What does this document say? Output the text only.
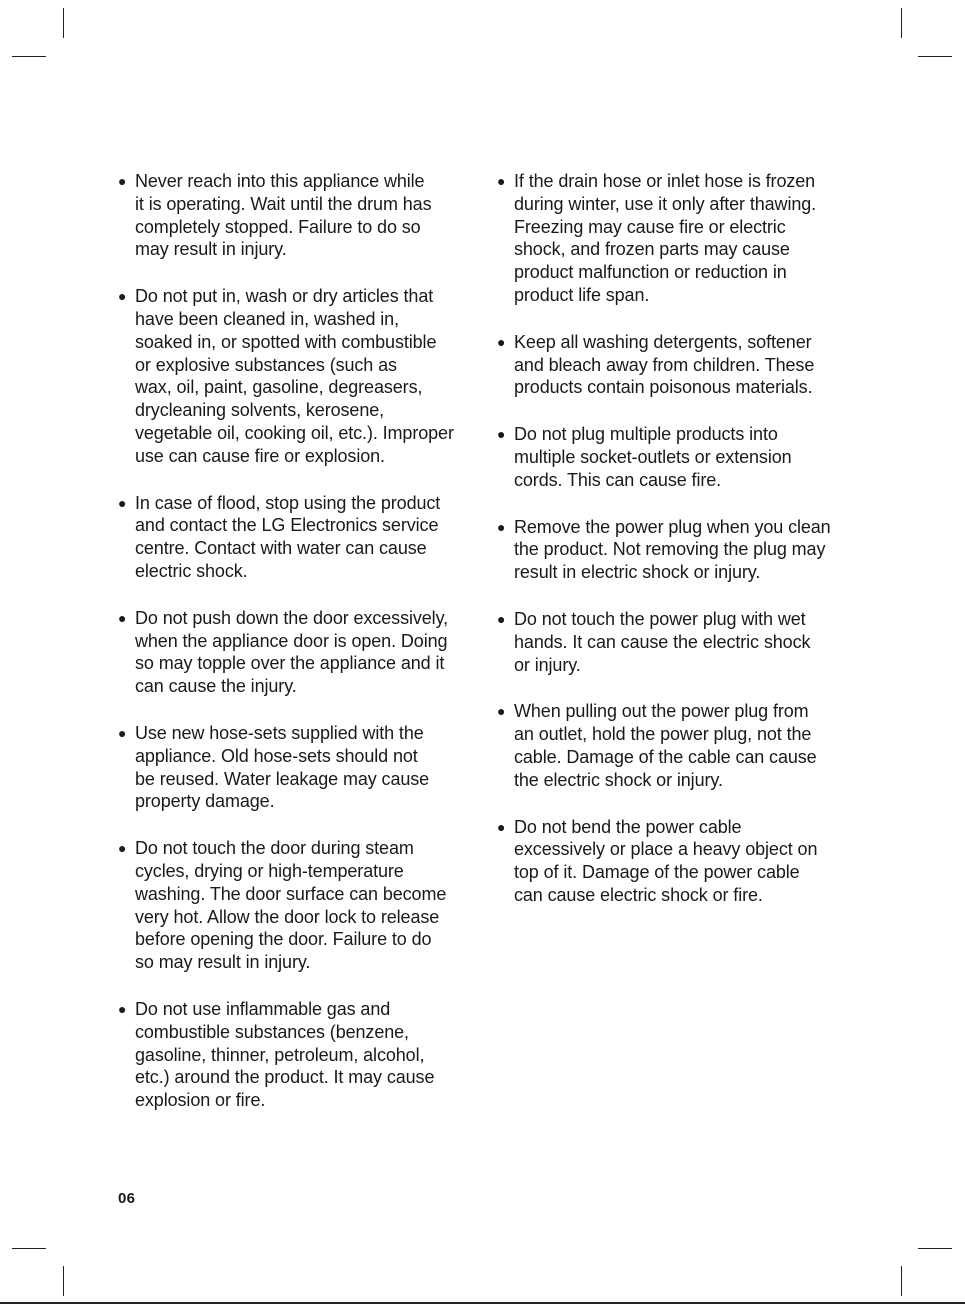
● Never reach into this appliance while
it is operating. Wait until the drum has
completely stopped. Failure to do so
may result in injury.
● Do not put in, wash or dry articles that
have been cleaned in, washed in,
soaked in, or spotted with combustible
or explosive substances (such as
wax, oil, paint, gasoline, degreasers,
drycleaning solvents, kerosene,
vegetable oil, cooking oil, etc.). Improper
use can cause fire or explosion.
● In case of flood, stop using the product
and contact the LG Electronics service
centre. Contact with water can cause
electric shock.
● Do not push down the door excessively,
when the appliance door is open. Doing
so may topple over the appliance and it
can cause the injury.
● Use new hose-sets supplied with the
appliance. Old hose-sets should not
be reused. Water leakage may cause
property damage.
● Do not touch the door during steam
cycles, drying or high-temperature
washing. The door surface can become
very hot. Allow the door lock to release
before opening the door. Failure to do
so may result in injury.
● Do not use inflammable gas and
combustible substances (benzene,
gasoline, thinner, petroleum, alcohol,
etc.) around the product. It may cause
explosion or fire.
● If the drain hose or inlet hose is frozen
during winter, use it only after thawing.
Freezing may cause fire or electric
shock, and frozen parts may cause
product malfunction or reduction in
product life span.
● Keep all washing detergents, softener
and bleach away from children. These
products contain poisonous materials.
● Do not plug multiple products into
multiple socket-outlets or extension
cords. This can cause fire.
● Remove the power plug when you clean
the product. Not removing the plug may
result in electric shock or injury.
● Do not touch the power plug with wet
hands. It can cause the electric shock
or injury.
● When pulling out the power plug from
an outlet, hold the power plug, not the
cable. Damage of the cable can cause
the electric shock or injury.
● Do not bend the power cable
excessively or place a heavy object on
top of it. Damage of the power cable
can cause electric shock or fire.
06
